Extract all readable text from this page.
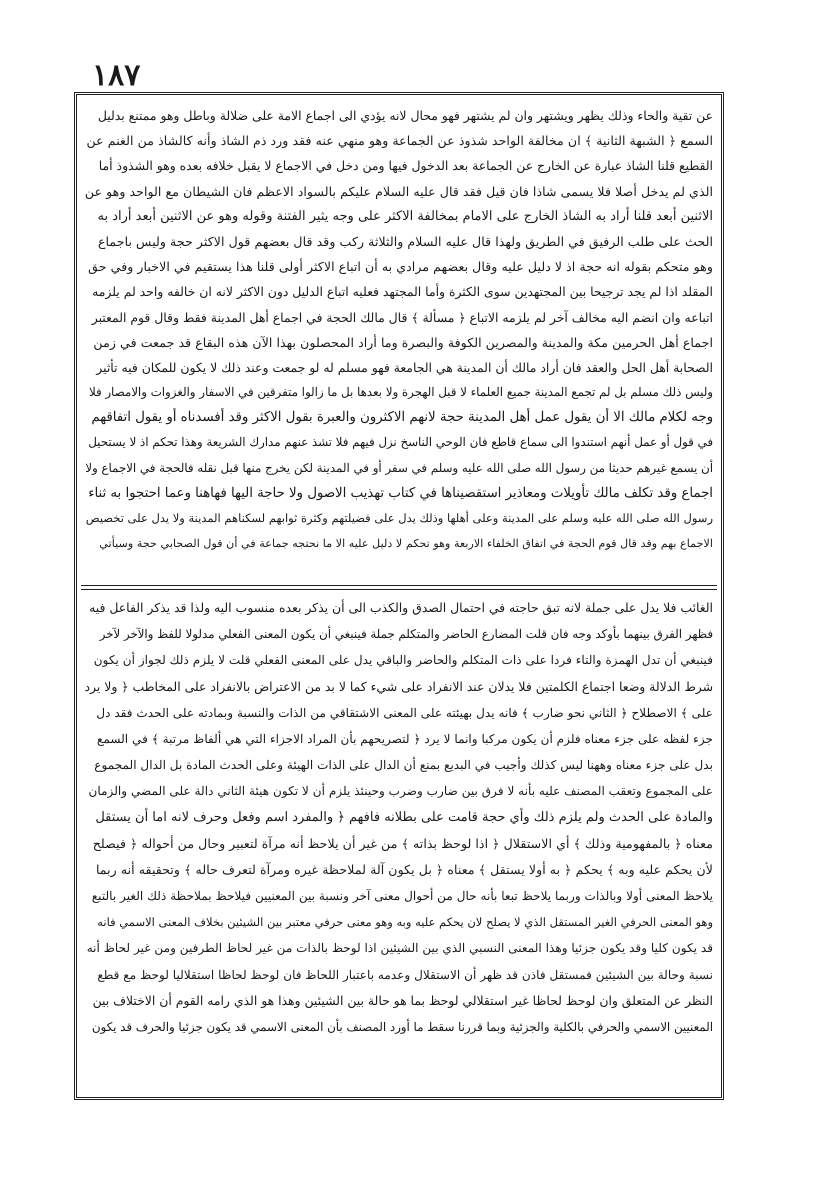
۱۸۷
عن تقية والحاء وذلك يظهر ويشتهر وان لم يشتهر فهو محال لانه يؤدي الى اجماع الامة على ضلالة وباطل وهو ممتنع بدليل
السمع ﴿ الشبهة الثانية ﴾ ان مخالفة الواحد شذوذ عن الجماعة وهو منهي عنه فقد ورد ذم الشاذ وأنه كالشاذ من الغنم عن
القطيع قلنا الشاذ عبارة عن الخارج عن الجماعة بعد الدخول فيها ومن دخل في الاجماع لا يقبل خلافه بعده وهو الشذوذ أما
الذي لم يدخل أصلا فلا يسمى شاذا فان قيل فقد قال عليه السلام عليكم بالسواد الاعظم فان الشيطان مع الواحد وهو عن
الاثنين أبعد قلنا أراد به الشاذ الخارج على الامام بمخالفة الاكثر على وجه يثير الفتنة وقوله وهو عن الاثنين أبعد أراد به
الحث على طلب الرفيق في الطريق ولهذا قال عليه السلام والثلاثة ركب وقد قال بعضهم قول الاكثر حجة وليس باجماع
وهو متحكم بقوله انه حجة اذ لا دليل عليه وقال بعضهم مرادي به أن اتباع الاكثر أولى قلنا هذا يستقيم في الاخبار وفي حق
المقلد اذا لم يجد ترجيحا بين المجتهدين سوى الكثرة وأما المجتهد فعليه اتباع الدليل دون الاكثر لانه ان خالفه واحد لم يلزمه
اتباعه وان انضم اليه مخالف آخر لم يلزمه الاتباع ﴿ مسألة ﴾ قال مالك الحجة في اجماع أهل المدينة فقط وقال قوم المعتبر
اجماع أهل الحرمين مكة والمدينة والمصرين الكوفة والبصرة وما أراد المحصلون بهذا الآن هذه البقاع قد جمعت في زمن
الصحابة أهل الحل والعقد فان أراد مالك أن المدينة هي الجامعة فهو مسلم له لو جمعت وعند ذلك لا يكون للمكان فيه تأثير
وليس ذلك مسلم بل لم تجمع المدينة جميع العلماء لا قبل الهجرة ولا بعدها بل ما زالوا متفرقين في الاسفار والغزوات والامصار فلا
وجه لكلام مالك الا أن يقول عمل أهل المدينة حجة لانهم الاكثرون والعبرة بقول الاكثر وقد أفسدناه أو يقول اتفاقهم
في قول أو عمل أنهم استندوا الى سماع قاطع فان الوحي الناسخ نزل فيهم فلا تشذ عنهم مدارك الشريعة وهذا تحكم اذ لا يستحيل
أن يسمع غيرهم حديثا من رسول الله صلى الله عليه وسلم في سفر أو في المدينة لكن يخرج منها قبل نقله فالحجة في الاجماع ولا
اجماع وقد تكلف مالك تأويلات ومعاذير استقصيناها في كتاب تهذيب الاصول ولا حاجة اليها فهاهنا وعما احتجوا به ثناء
رسول الله صلى الله عليه وسلم على المدينة وعلى أهلها وذلك يدل على فضيلتهم وكثرة ثوابهم لسكناهم المدينة ولا يدل على تخصيص
الاجماع بهم وقد قال قوم الحجة في اتفاق الخلفاء الاربعة وهو تحكم لا دليل عليه الا ما نحتجه جماعة في أن قول الصحابي حجة وسيأتي
الغائب فلا يدل على جملة لانه تبق حاجته في احتمال الصدق والكذب الى أن يذكر بعده منسوب اليه ولذا قد يذكر الفاعل فيه
فظهر الفرق بينهما بأوكد وجه فان قلت المضارع الحاضر والمتكلم جملة فينبغي أن يكون المعنى الفعلي مدلولا للفظ والآخر لآخر
فينبغي أن تدل الهمزة والتاء فردا على ذات المتكلم والحاضر والباقي يدل على المعنى الفعلي قلت لا يلزم ذلك لجواز أن يكون
شرط الدلالة وضعا اجتماع الكلمتين فلا يدلان عند الانفراد على شيء كما لا بد من الاعتراض بالانفراد على المخاطب ﴿ ولا يرد
على ﴾ الاصطلاح ﴿ الثاني نحو ضارب ﴾ فانه يدل بهيئته على المعنى الاشتقاقي من الذات والنسبة وبمادته على الحدث فقد دل
جزء لفظه على جزء معناه فلزم أن يكون مركبا وانما لا يرد ﴿ لتصريحهم بأن المراد الاجزاء التي هي ألفاظ مرتبة ﴾ في السمع
بدل على جزء معناه وههنا ليس كذلك وأجيب في البديع بمنع أن الدال على الذات الهيئة وعلى الحدث المادة بل الدال المجموع
على المجموع وتعقب المصنف عليه بأنه لا فرق بين ضارب وضرب وحينئذ يلزم أن لا تكون هيئة الثاني دالة على المضي والزمان
والمادة على الحدث ولم يلزم ذلك وأي حجة قامت على بطلانه فافهم ﴿ والمفرد اسم وفعل وحرف لانه اما أن يستقل
معناه ﴿ بالمفهومية وذلك ﴾ أي الاستقلال ﴿ اذا لوحظ بذاته ﴾ من غير أن يلاحظ أنه مرآة لتعبير وحال من أحواله ﴿ فيصلح
لأن يحكم عليه وبه ﴾ يحكم ﴿ به أولا يستقل ﴾ معناه ﴿ بل يكون آلة لملاحظة غيره ومرآة لتعرف حاله ﴾ وتحقيقه أنه ربما
يلاحظ المعنى أولا وبالذات وربما يلاحظ تبعا بأنه حال من أحوال معنى آخر ونسبة بين المعنيين فيلاحظ بملاحظة ذلك الغير بالتبع
وهو المعنى الحرفي الغير المستقل الذي لا يصلح لان يحكم عليه وبه وهو معنى حرفي معتبر بين الشيئين بخلاف المعنى الاسمي فانه
قد يكون كليا وقد يكون جزئيا وهذا المعنى النسبي الذي بين الشيئين اذا لوحظ بالذات من غير لحاظ الطرفين ومن غير لحاظ أنه
نسبة وحالة بين الشيئين فمستقل فاذن قد ظهر أن الاستقلال وعدمه باعتبار اللحاظ فان لوحظ لحاظا استقلاليا لوحظ مع قطع
النظر عن المتعلق وان لوحظ لحاظا غير استقلالي لوحظ بما هو حالة بين الشيئين وهذا هو الذي رامه القوم أن الاختلاف بين
المعنيين الاسمي والحرفي بالكلية والجزئية وبما قررنا سقط ما أورد المصنف بأن المعنى الاسمي قد يكون جزئيا والحرف قد يكون
